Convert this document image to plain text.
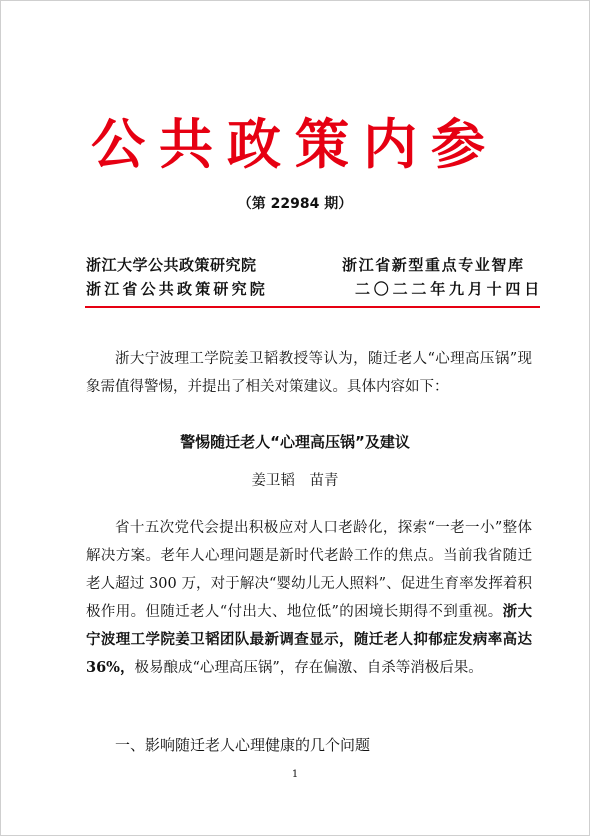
公共政策内参
（第 22984 期）
浙江大学公共政策研究院	浙江省新型重点专业智库
浙江省公共政策研究院	二〇二二年九月十四日
浙大宁波理工学院姜卫韬教授等认为，随迁老人“心理高压锅”现象需值得警惕，并提出了相关对策建议。具体内容如下：
警惕随迁老人“心理高压锅”及建议
姜卫韬 苗青
省十五次党代会提出积极应对人口老龄化，探索“一老一小”整体解决方案。老年人心理问题是新时代老龄工作的焦点。当前我省随迁老人超过 300 万，对于解决“婴幼儿无人照料”、促进生育率发挥着积极作用。但随迁老人“付出大、地位低”的困境长期得不到重视。浙大宁波理工学院姜卫韬团队最新调查显示，随迁老人抑郁症发病率高达 36%，极易酿成“心理高压锅”，存在偏激、自杀等消极后果。
一、影响随迁老人心理健康的几个问题
1
